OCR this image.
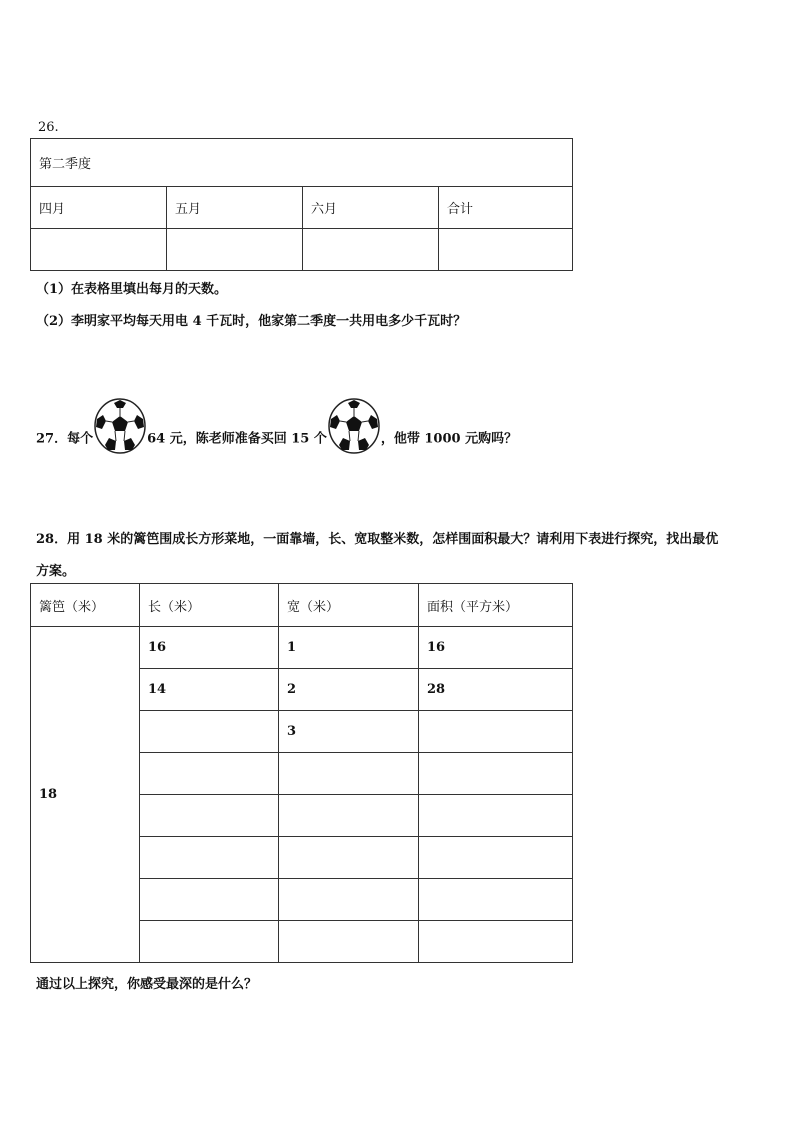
26.
第二季度			
四月	五月	六月	合计

（1）在表格里填出每月的天数。
（2）李明家平均每天用电 4 千瓦时，他家第二季度一共用电多少千瓦时？
27．每个	64 元，陈老师准备买回 15 个	，他带 1000 元购吗？
28．用 18 米的篱笆围成长方形菜地，一面靠墙，长、宽取整米数，怎样围面积最大？请利用下表进行探究，找出最优
方案。
篱笆（米）	长（米）	宽（米）	面积（平方米）
18	16	1	16
	14	2	28
		3	

通过以上探究，你感受最深的是什么？
